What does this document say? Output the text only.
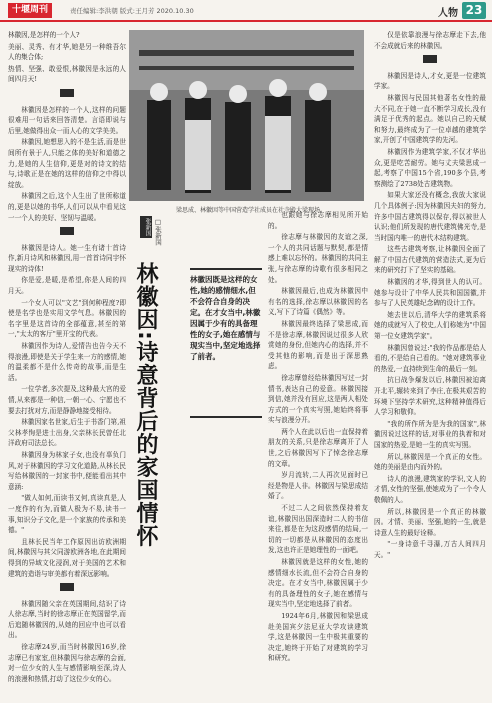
十堰周刊	责任编辑:李洪朝 版式:王月芳 2020.10.30	人物 23

林徽因,是怎样的一个人?

美丽、灵秀、有才华,她是另一种维吾尔人的集合体;

热情、坚强、敢爱恨,林徽因是永远的人间四月天!

林徽因是怎样的一个人,这样的问题很难用一句话来回答清楚。言语即说与后里,她做得出众一而人心的文学美美。

林徽因,她想思入的不是生活,而是世间所有景于人,只能之体的美好和道德之力,是她的人生信仰,更是对的诗文的结与,诗歌正是在她的这样的信仰之中得以绽放。

林徽因之后,这个人生出了世所称道的,更是以她的书华,人们可以从中看见这一一个人的美好、坚韧与温暖。

林徽因是诗人。她一生有诸十首诗作,新月诗风和林徽因,用一首首诗同宇怀现实的诗体!

你是爱,是暖,是希望,你是人间的四月天。

一个女人可以"文艺"到何种程度?即使是名学也是实用文学气息。林徽因的名字里是这首诗的全部蕴意,甚至的第一,"太太的客厅"里开宝的代表。

林徽因作为诗人,爱情告也告今天不得浪漫,即使是关于学生来一方的感情,她的温柔都不是什么传奇的故事,而是生活。

一位学者,多次提及,这种最大宫的爱情,从来都是一种信,一朝一心、宁愿也不要去打扰对方,而是静静地接受相待。

林徽因家名世家,后生于书香门第,祖父林孝恂是进士出身,父亲林长民曾任北洋政府司法总长。

林徽因身为林家子女,也没有辜负门风,对于林徽因的学习文化道路,从林长民写给林徽因的一封家书中,便能看出其中意涵:

"做人如何,而读书又何,真读真是,人一度作的有为,而做人极为不易,读书一事,知识分子文化,是一个家族的传承和美德。"

且林长民当年工作原因出访欧洲期间,林徽因与其父同游欧洲各地,在此期间得到的异域文化浸润,对于美国的艺术和建筑的造诣与审美都有着深远影响。

林徽因随父亲在英国期间,结识了诗人徐志摩,当时的徐志摩正在英国留学,而后追随林徽因的,从她的回应中也可以看出。

徐志摩24岁,而当时林徽因16岁,徐志摩已有家室,但林徽因与徐志摩的会面,对一位少女的人生与感情影响至深,诗人的浪漫和热情,打动了这位少女的心。

梁思成、林徽因等中国营造学社成员在社寺殿大梁现场。
张新国 □张新国
林徽因:诗意背后的家国情怀	林徽因既是这样的女性,她的感情细水,但不会符合自身的决定。在才女当中,林徽因属于少有的具备理性的女子,她在感情与现实当中,坚定地选择了前者。

也跟她与徐志摩相见所开始的。

徐志摩与林徽因的友谊之深,一个人的共同话题与默契,都是情感上难以忘怀的。林徽因的共同主张,与徐志摩的诗歌有很多相同之处。

林徽因最后,也成为林徽因中有名的选择,徐志摩以林徽因的名义,写下了诗篇《偶然》等。

林徽因最终选择了梁思成,而不是徐志摩,林徽因说过很多人欣赏她的身份,但她内心的选择,并不受其他的影响,而是出于深思熟虑。

徐志摩曾经给林徽因写过一封情书,表达自己的爱意。林徽因接到信,她并没有回应,这是两人相处方式的一个真实写照,她始终将事实与浪漫分开。

两个人在此以后也一直保持着朋友的关系,只是徐志摩离开了人世,之后林徽因写下了悼念徐志摩的文章。

岁月流转,二人再次见面时已经是物是人非。林徽因与梁思成结婚了。

不过二人之间依然保持着友谊,林徽因出国深造时二人的书信来往,都是在为这段感情的结局,一切的一切都是从林徽因的态度出发,这也许正是她理性的一面吧。

林徽因就是这样的女性,她的感情细水长流,但不会符合自身的决定。在才女当中,林徽因属于少有的具备理性的女子,她在感情与现实当中,坚定地选择了前者。

1924年6月,林徽因和梁思成赴美国宾夕法尼亚大学攻读建筑学,这是林徽因一生中极其重要的决定,她终于开始了对建筑的学习和研究。

仅是依靠浪漫与徐志摩走下去,他不会成就后来的林徽因。

林徽因是诗人,才女,更是一位建筑学家。

林徽因与民国其他著名女性的最大不同,在于她一直不断学习成长,没有满足于优秀的起点。她以自己的天赋和努力,最终成为了一位卓越的建筑学家,开创了中国建筑学的先河。

林徽因作为建筑学家,不仅才华出众,更是吃苦耐劳。她与丈夫梁思成一起,考察了中国15个省,190多个县,考察测绘了2738处古建筑物。

如果大家还没有概念,我放大家说几个具体例子:因为林徽因夫妇的努力,许多中国古建筑得以保存,得以被世人认识;他们所发现的唐代建筑佛光寺,是当时国内唯一的唐代木结构建筑。

这些古建筑考察,让林徽因全面了解了中国古代建筑的营造法式,更为后来的研究打下了坚实的基础。

林徽因的才华,得到世人的认可。她参与设计了中华人民共和国国徽,并参与了人民英雄纪念碑的设计工作。

她去世以后,清华大学的建筑系将她的成就写入了校史,人们称她为"中国第一位女建筑学家"。

林徽因曾说过:"我的作品都是给人看的,不是给自己看的。"她对建筑事业的热爱,一直持续到生命的最后一刻。

抗日战争爆发以后,林徽因被迫离开北平,辗转来到了李庄,在极其艰苦的环境下坚持学术研究,这种精神值得后人学习和敬仰。

"我的所作所为是为我的国家",林徽因说过这样的话,对事业的执着和对国家的热爱,是她一生的真实写照。

所以,林徽因是一个真正的女性。她的美丽是由内而外的。

诗人的浪漫,建筑家的学识,文人的才情,女性的坚强,使她成为了一个令人敬佩的人。

所以,林徽因是一个真正的林徽因。才情、美丽、坚强,她的一生,就是诗意人生的最好诠释。

"一身诗意千寻瀑,万古人间四月天。"
